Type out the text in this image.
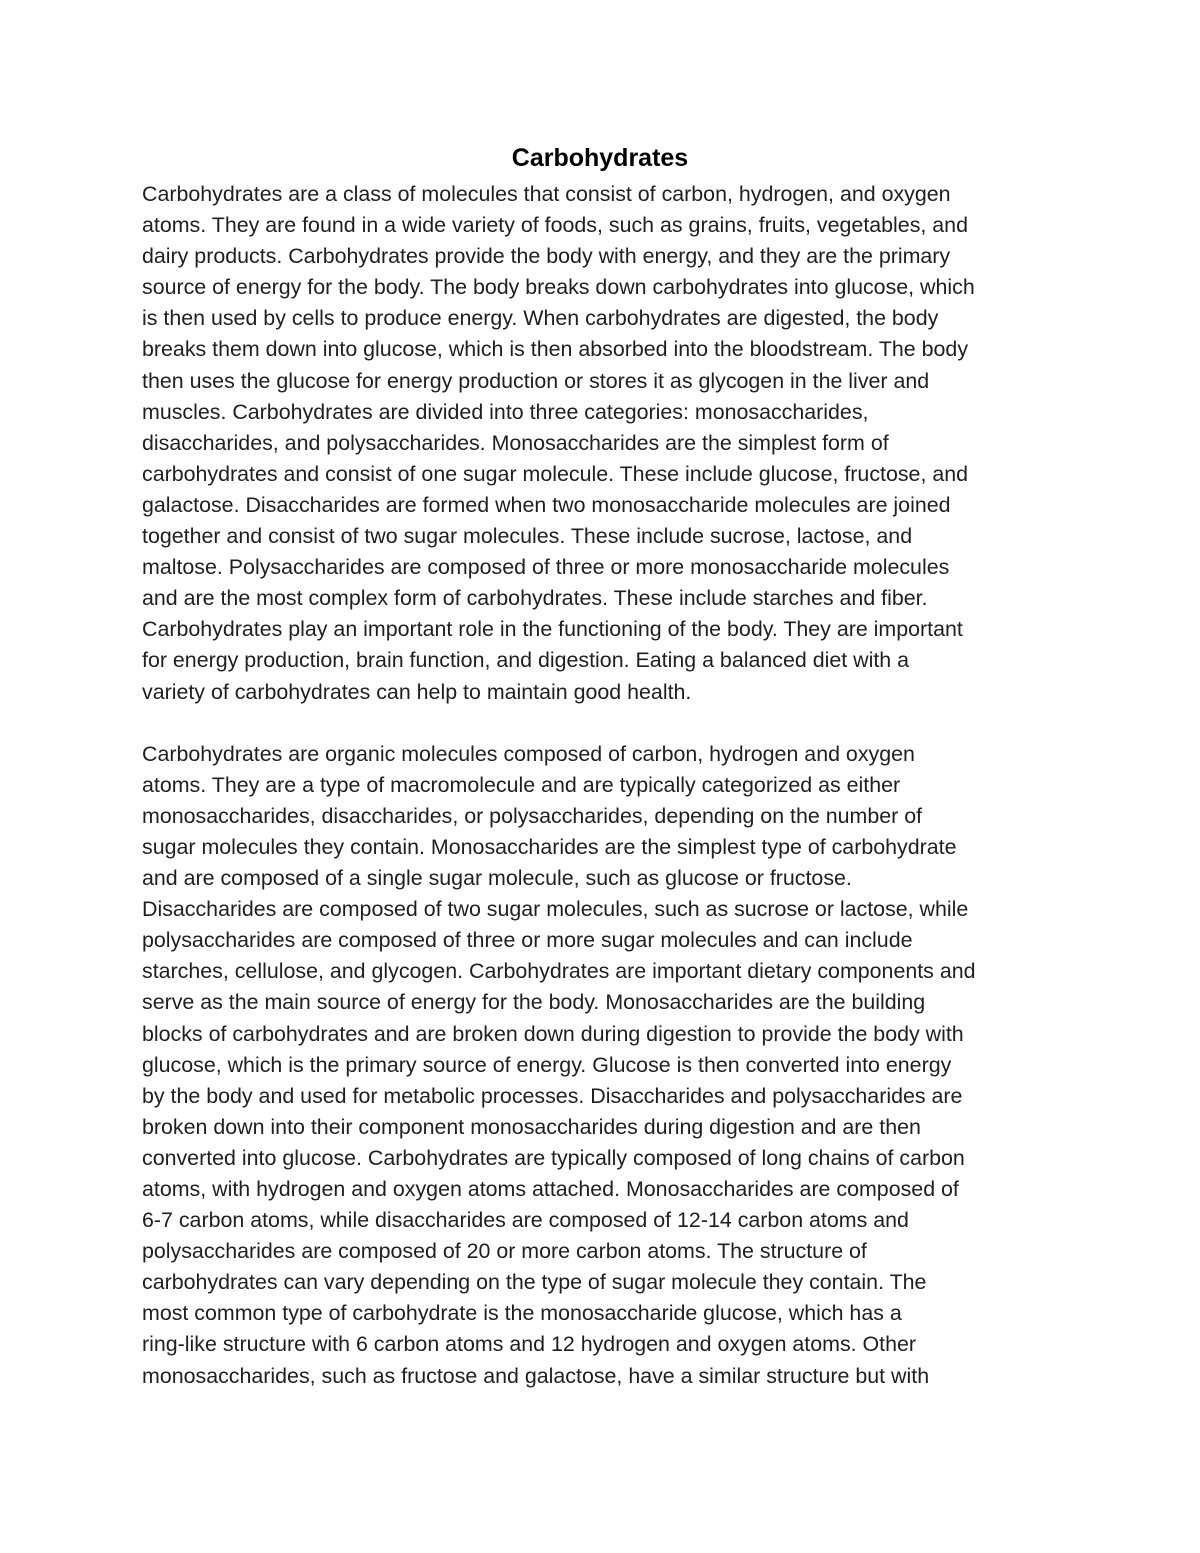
Carbohydrates
Carbohydrates are a class of molecules that consist of carbon, hydrogen, and oxygen
atoms. They are found in a wide variety of foods, such as grains, fruits, vegetables, and
dairy products. Carbohydrates provide the body with energy, and they are the primary
source of energy for the body. The body breaks down carbohydrates into glucose, which
is then used by cells to produce energy. When carbohydrates are digested, the body
breaks them down into glucose, which is then absorbed into the bloodstream. The body
then uses the glucose for energy production or stores it as glycogen in the liver and
muscles. Carbohydrates are divided into three categories: monosaccharides,
disaccharides, and polysaccharides. Monosaccharides are the simplest form of
carbohydrates and consist of one sugar molecule. These include glucose, fructose, and
galactose. Disaccharides are formed when two monosaccharide molecules are joined
together and consist of two sugar molecules. These include sucrose, lactose, and
maltose. Polysaccharides are composed of three or more monosaccharide molecules
and are the most complex form of carbohydrates. These include starches and fiber.
Carbohydrates play an important role in the functioning of the body. They are important
for energy production, brain function, and digestion. Eating a balanced diet with a
variety of carbohydrates can help to maintain good health.
Carbohydrates are organic molecules composed of carbon, hydrogen and oxygen
atoms. They are a type of macromolecule and are typically categorized as either
monosaccharides, disaccharides, or polysaccharides, depending on the number of
sugar molecules they contain. Monosaccharides are the simplest type of carbohydrate
and are composed of a single sugar molecule, such as glucose or fructose.
Disaccharides are composed of two sugar molecules, such as sucrose or lactose, while
polysaccharides are composed of three or more sugar molecules and can include
starches, cellulose, and glycogen. Carbohydrates are important dietary components and
serve as the main source of energy for the body. Monosaccharides are the building
blocks of carbohydrates and are broken down during digestion to provide the body with
glucose, which is the primary source of energy. Glucose is then converted into energy
by the body and used for metabolic processes. Disaccharides and polysaccharides are
broken down into their component monosaccharides during digestion and are then
converted into glucose. Carbohydrates are typically composed of long chains of carbon
atoms, with hydrogen and oxygen atoms attached. Monosaccharides are composed of
6-7 carbon atoms, while disaccharides are composed of 12-14 carbon atoms and
polysaccharides are composed of 20 or more carbon atoms. The structure of
carbohydrates can vary depending on the type of sugar molecule they contain. The
most common type of carbohydrate is the monosaccharide glucose, which has a
ring-like structure with 6 carbon atoms and 12 hydrogen and oxygen atoms. Other
monosaccharides, such as fructose and galactose, have a similar structure but with
